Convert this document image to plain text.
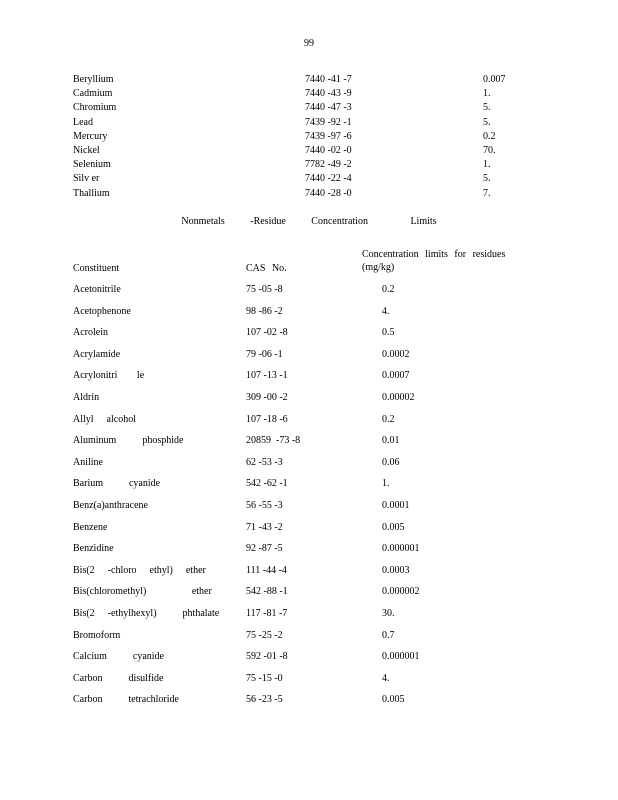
99
Beryllium	7440 -41 -7	0.007
Cadmium	7440 -43 -9	1.
Chromium	7440 -47 -3	5.
Lead	7439 -92 -1	5.
Mercury	7439 -97 -6	0.2
Nickel	7440 -02 -0	70.
Selenium	7782 -49 -2	1.
Silv er	7440 -22 -4	5.
Thallium	7440 -28 -0	7.
Nonmetals   -Residue   Concentration     Limits
Constituent	CAS No.
Concentration limits for residues (mg/kg)
Acetonitrile	75 -05 -8	0.2
Acetophenone	98 -86 -2	4.
Acrolein	107 -02 -8	0.5
Acrylamide	79 -06 -1	0.0002
Acrylonitri   le	107 -13 -1	0.0007
Aldrin	309 -00 -2	0.00002
Allyl  alcohol	107 -18 -6	0.2
Aluminum    phosphide	20859  -73 -8	0.01
Aniline	62 -53 -3	0.06
Barium    cyanide	542 -62 -1	1.
Benz(a)anthracene	56 -55 -3	0.0001
Benzene	71 -43 -2	0.005
Benzidine	92 -87 -5	0.000001
Bis(2  -chloro  ethyl)  ether	111 -44 -4	0.0003
Bis(chloromethyl)       ether	542 -88 -1	0.000002
Bis(2  -ethylhexyl)    phthalate	117 -81 -7	30.
Bromoform	75 -25 -2	0.7
Calcium    cyanide	592 -01 -8	0.000001
Carbon    disulfide	75 -15 -0	4.
Carbon    tetrachloride	56 -23 -5	0.005
